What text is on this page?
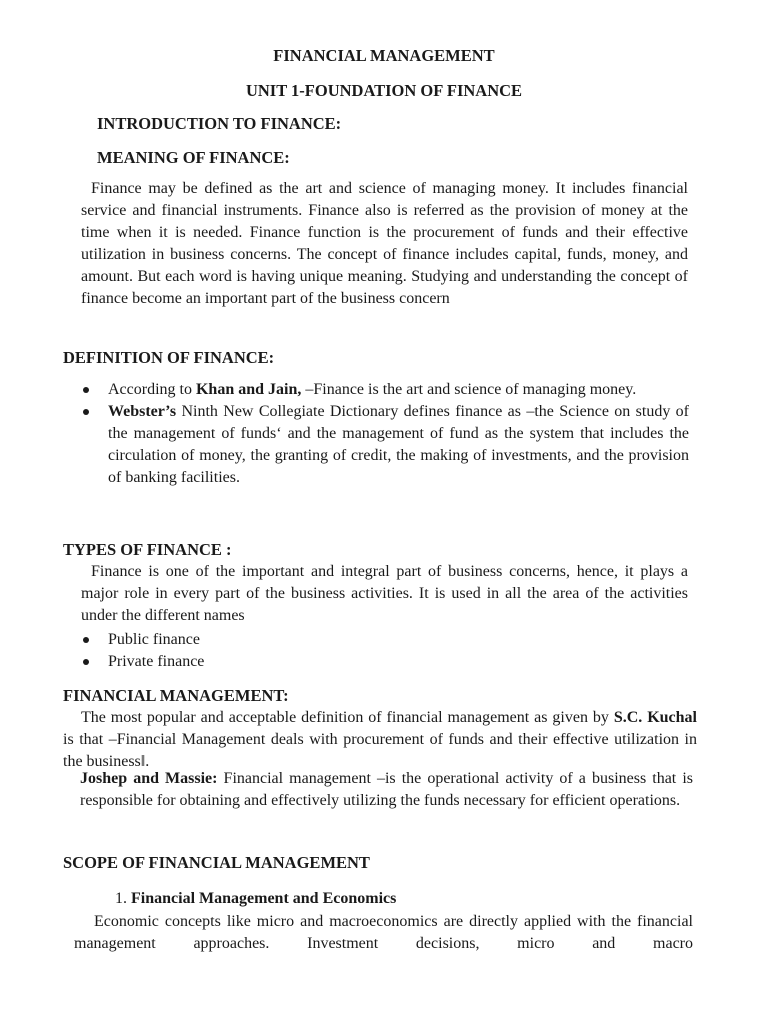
FINANCIAL MANAGEMENT
UNIT 1-FOUNDATION OF FINANCE
INTRODUCTION TO FINANCE:
MEANING OF FINANCE:
Finance may be defined as the art and science of managing money. It includes financial service and financial instruments. Finance also is referred as the provision of money at the time when it is needed. Finance function is the procurement of funds and their effective utilization in business concerns. The concept of finance includes capital, funds, money, and amount. But each word is having unique meaning. Studying and understanding the concept of finance become an important part of the business concern
DEFINITION OF FINANCE:
According to Khan and Jain, –Finance is the art and science of managing money.
Webster’s Ninth New Collegiate Dictionary defines finance as –the Science on study of the management of funds‘ and the management of fund as the system that includes the circulation of money, the granting of credit, the making of investments, and the provision of banking facilities.
TYPES OF FINANCE :
Finance is one of the important and integral part of business concerns, hence, it plays a major role in every part of the business activities. It is used in all the area of the activities under the different names
Public finance
Private finance
FINANCIAL MANAGEMENT:
The most popular and acceptable definition of financial management as given by S.C. Kuchal is that –Financial Management deals with procurement of funds and their effective utilization in the business‖.
Joshep and Massie: Financial management –is the operational activity of a business that is responsible for obtaining and effectively utilizing the funds necessary for efficient operations.
SCOPE OF FINANCIAL MANAGEMENT
1. Financial Management and Economics
Economic concepts like micro and macroeconomics are directly applied with the financial management approaches. Investment decisions, micro and macro
